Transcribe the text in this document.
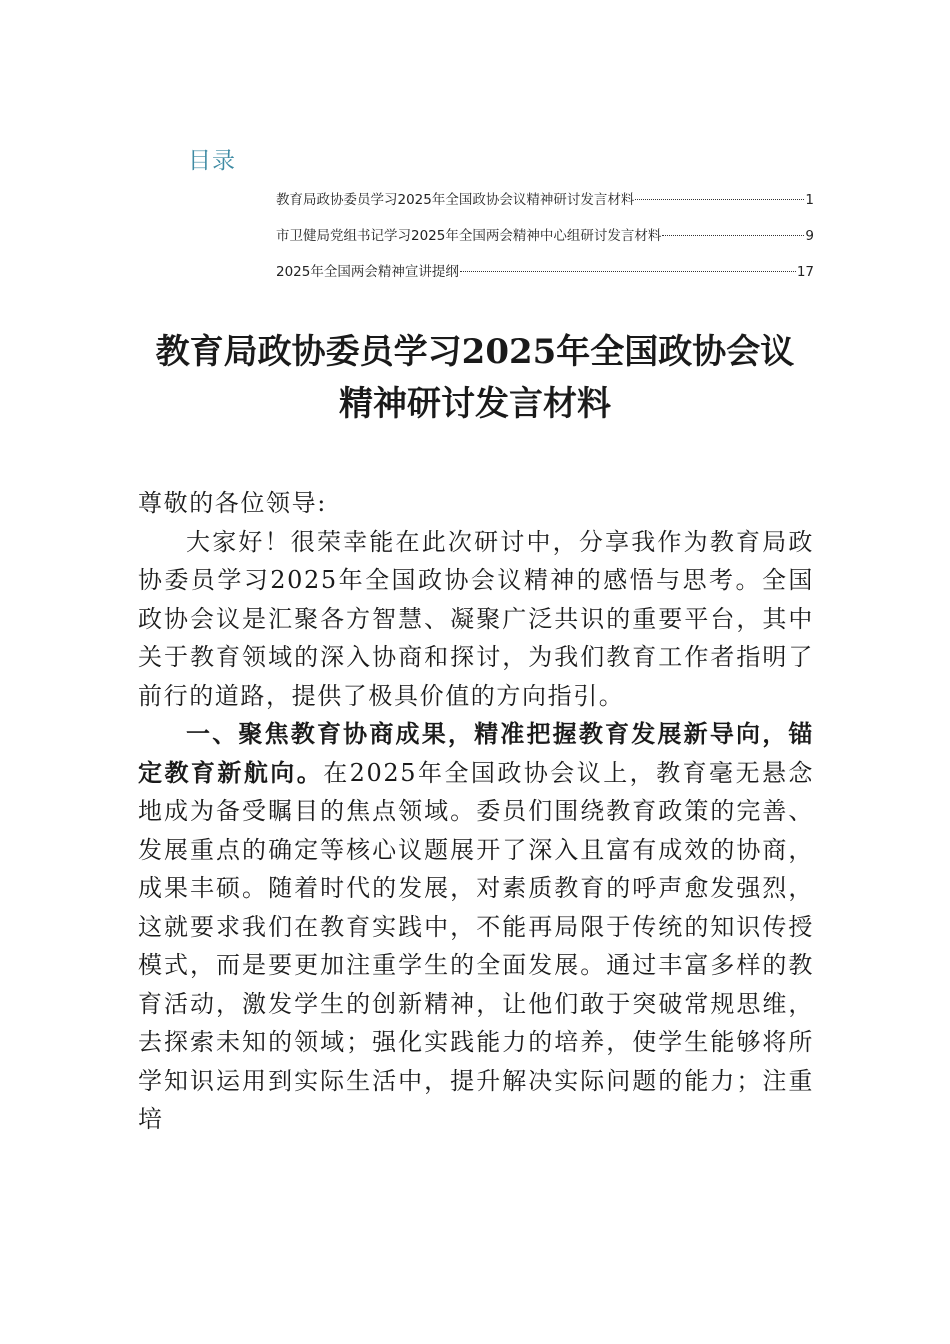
目录
教育局政协委员学习2025年全国政协会议精神研讨发言材料	1
市卫健局党组书记学习2025年全国两会精神中心组研讨发言材料	9
2025年全国两会精神宣讲提纲	17
教育局政协委员学习2025年全国政协会议
精神研讨发言材料

尊敬的各位领导:

大家好！很荣幸能在此次研讨中，分享我作为教育局政协委员学习2025年全国政协会议精神的感悟与思考。全国政协会议是汇聚各方智慧、凝聚广泛共识的重要平台，其中关于教育领域的深入协商和探讨，为我们教育工作者指明了前行的道路，提供了极具价值的方向指引。

一、聚焦教育协商成果，精准把握教育发展新导向，锚定教育新航向。在2025年全国政协会议上，教育毫无悬念地成为备受瞩目的焦点领域。委员们围绕教育政策的完善、发展重点的确定等核心议题展开了深入且富有成效的协商，成果丰硕。随着时代的发展，对素质教育的呼声愈发强烈，这就要求我们在教育实践中，不能再局限于传统的知识传授模式，而是要更加注重学生的全面发展。通过丰富多样的教育活动，激发学生的创新精神，让他们敢于突破常规思维，去探索未知的领域；强化实践能力的培养，使学生能够将所学知识运用到实际生活中，提升解决实际问题的能力；注重培
